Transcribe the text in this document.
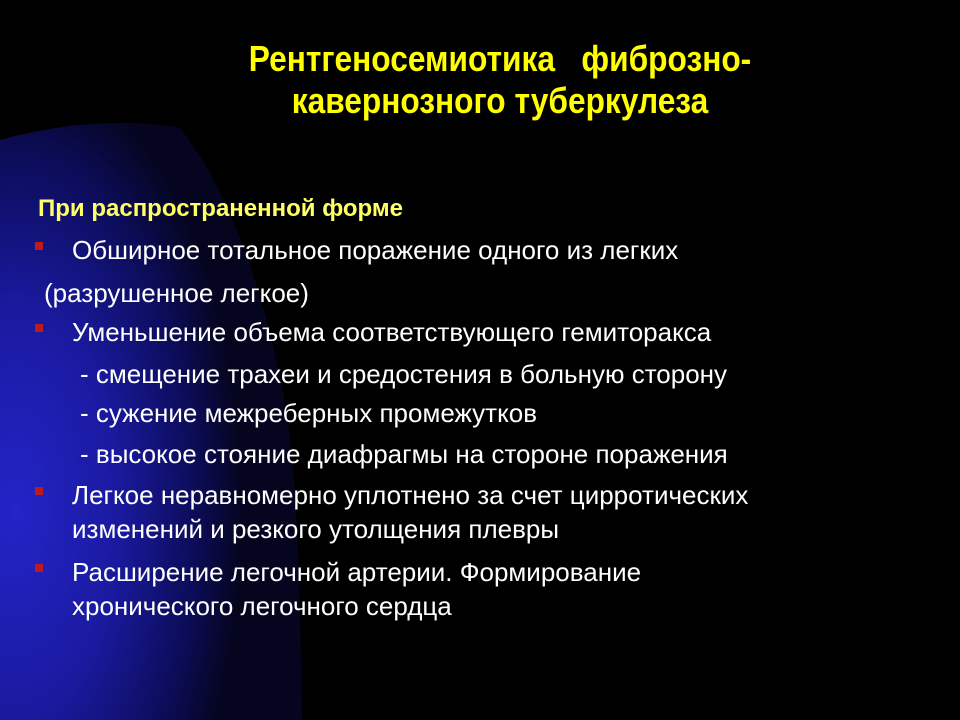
Рентгеносемиотика   фиброзно-
кавернозного туберкулеза
При распространенной форме
Обширное тотальное поражение одного из легких
(разрушенное легкое)
Уменьшение объема соответствующего гемиторакса
- смещение трахеи и средостения в больную сторону
- сужение межреберных промежутков
- высокое стояние диафрагмы на стороне поражения
Легкое неравномерно уплотнено за счет цирротических
изменений и резкого утолщения плевры
Расширение легочной артерии. Формирование
хронического легочного сердца
